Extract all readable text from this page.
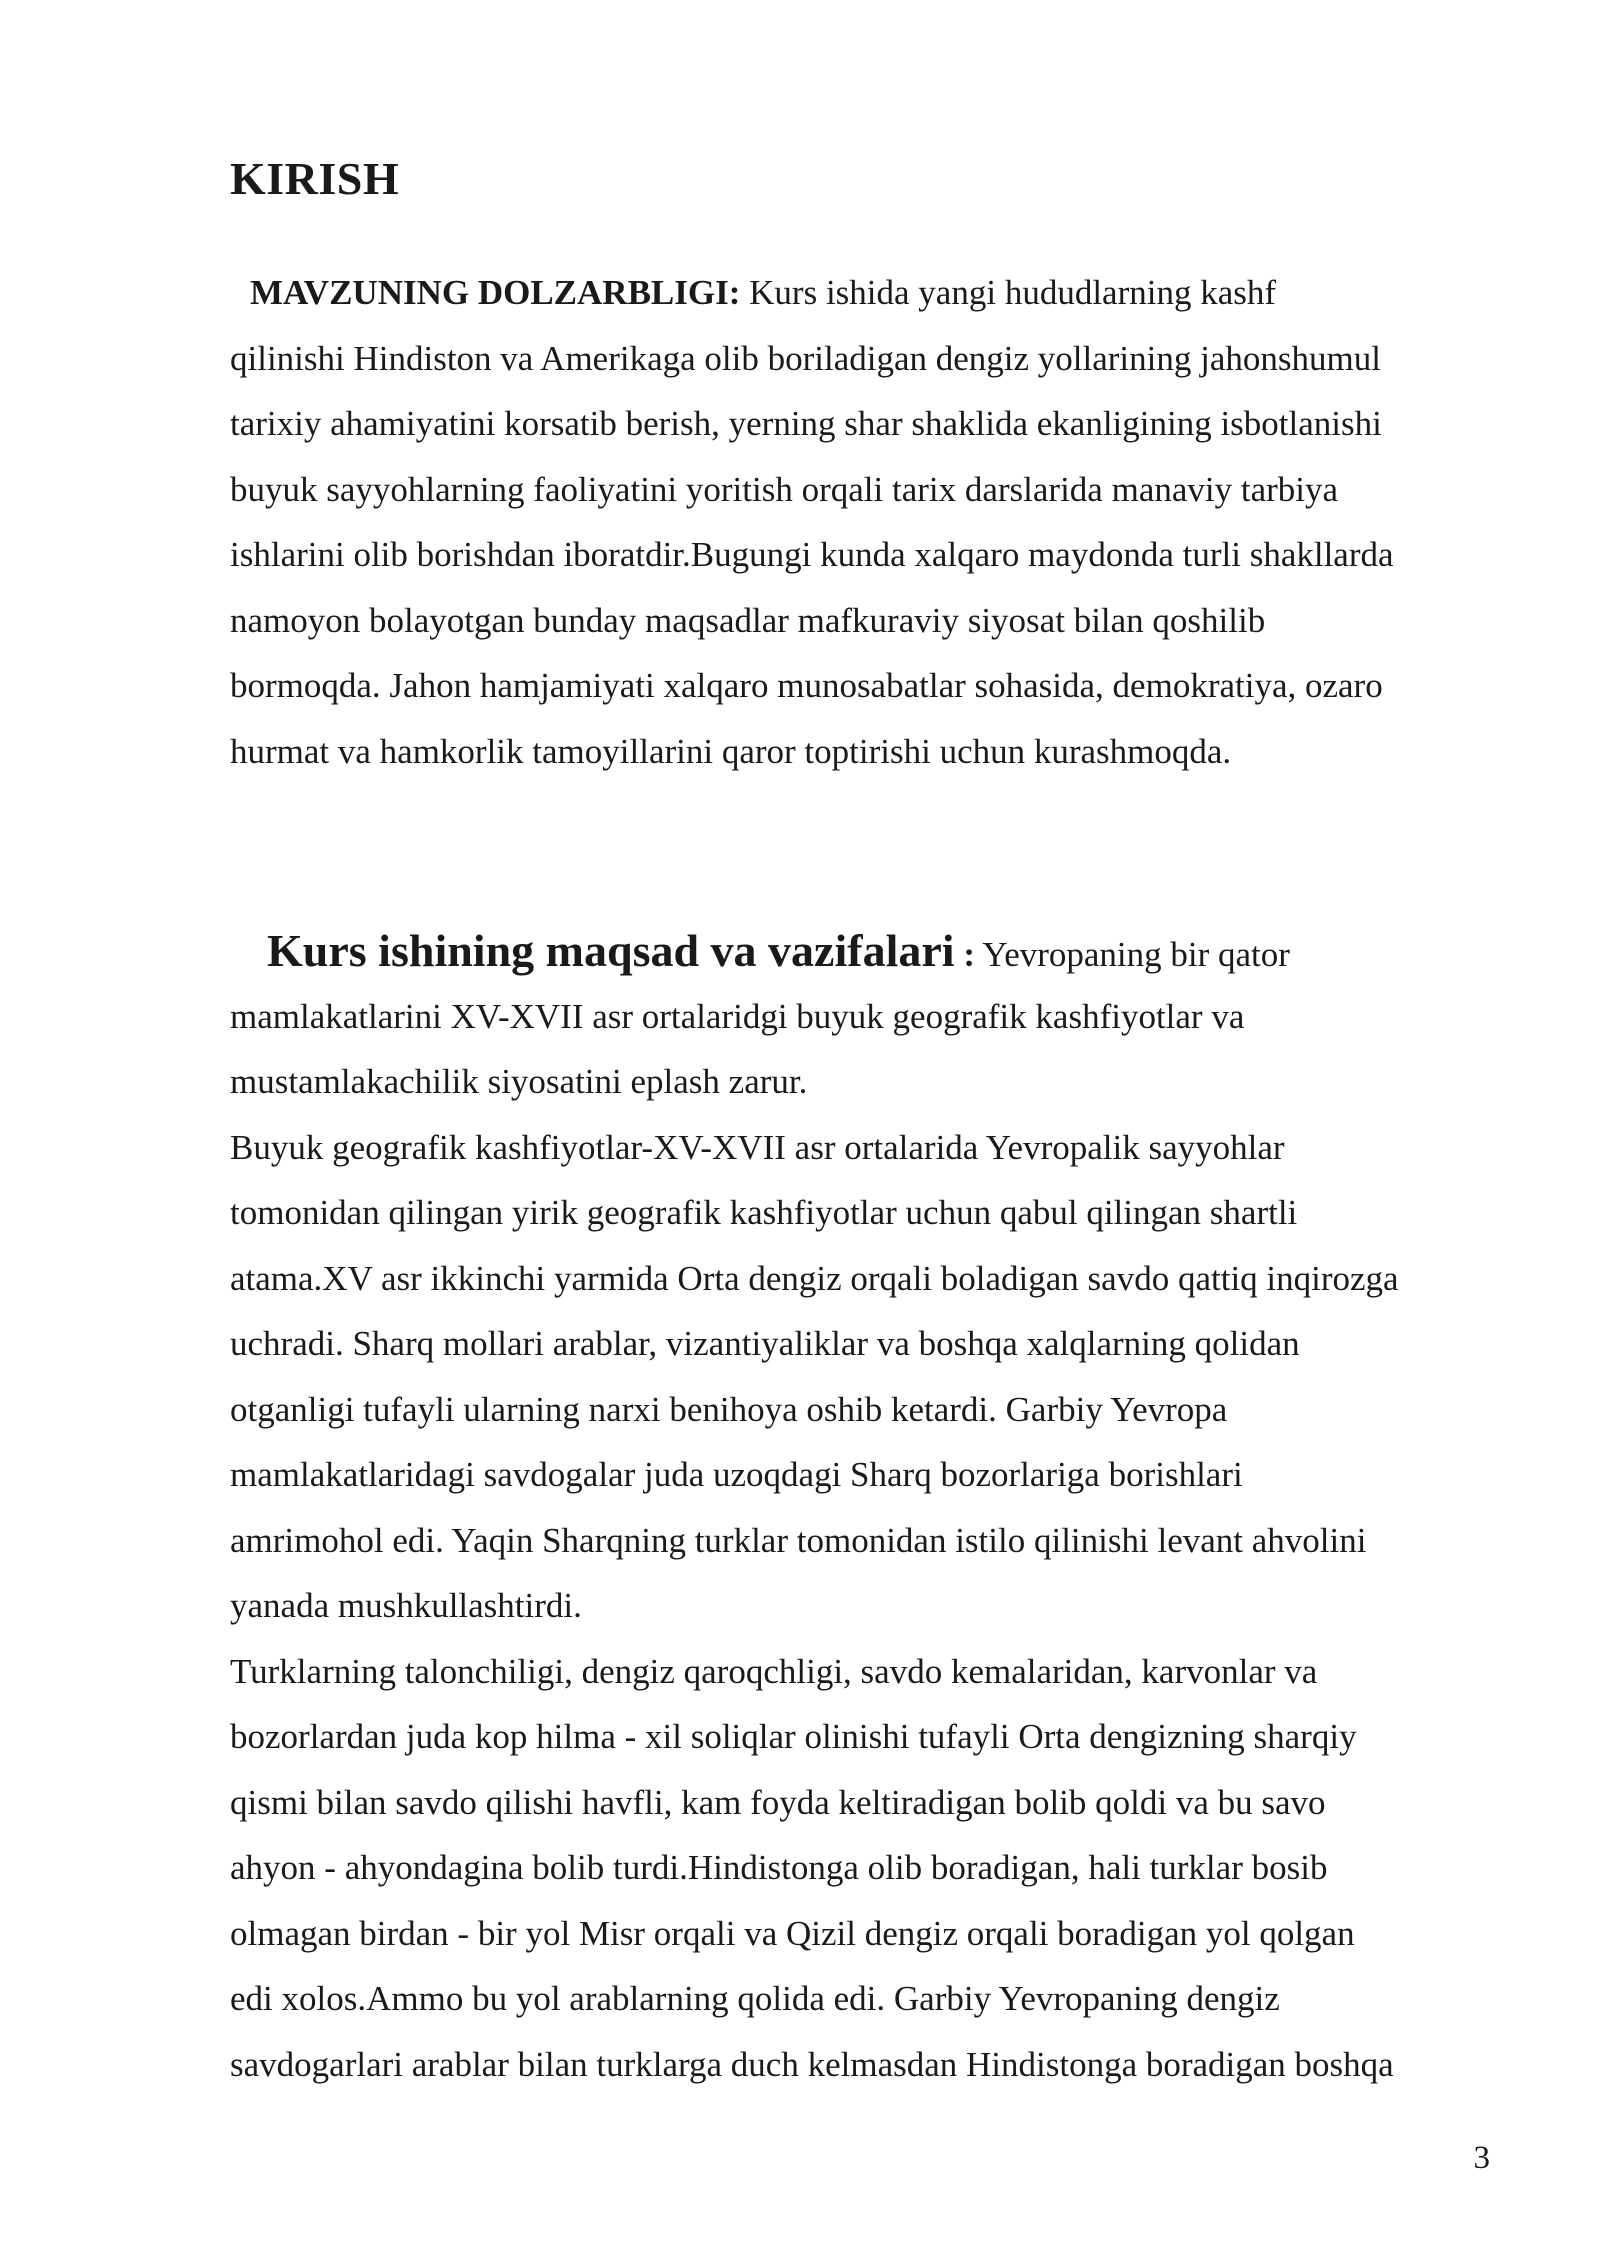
KIRISH
MAVZUNING DOLZARBLIGI: Kurs ishida yangi hududlarning kashf
qilinishi Hindiston va Amerikaga olib boriladigan dengiz yollarining jahonshumul
tarixiy ahamiyatini korsatib berish, yerning shar shaklida ekanligining isbotlanishi
buyuk sayyohlarning faoliyatini yoritish orqali tarix darslarida manaviy tarbiya
ishlarini olib borishdan iboratdir.Bugungi kunda xalqaro maydonda turli shakllarda
namoyon bolayotgan bunday maqsadlar mafkuraviy siyosat bilan qoshilib
bormoqda. Jahon hamjamiyati xalqaro munosabatlar sohasida, demokratiya, ozaro
hurmat va hamkorlik tamoyillarini qaror toptirishi uchun kurashmoqda.
Kurs ishining maqsad va vazifalari : Yevropaning bir qator
mamlakatlarini XV-XVII asr ortalaridgi buyuk geografik kashfiyotlar va
mustamlakachilik siyosatini eplash zarur.
Buyuk geografik kashfiyotlar-XV-XVII asr ortalarida Yevropalik sayyohlar
tomonidan qilingan yirik geografik kashfiyotlar uchun qabul qilingan shartli
atama.XV asr ikkinchi yarmida Orta dengiz orqali boladigan savdo qattiq inqirozga
uchradi. Sharq mollari arablar, vizantiyaliklar va boshqa xalqlarning qolidan
otganligi tufayli ularning narxi benihoya oshib ketardi. Garbiy Yevropa
mamlakatlaridagi savdogalar juda uzoqdagi Sharq bozorlariga borishlari
amrimohol edi. Yaqin Sharqning turklar tomonidan istilo qilinishi levant ahvolini
yanada mushkullashtirdi.
Turklarning talonchiligi, dengiz qaroqchligi, savdo kemalaridan, karvonlar va
bozorlardan juda kop hilma - xil soliqlar olinishi tufayli Orta dengizning sharqiy
qismi bilan savdo qilishi havfli, kam foyda keltiradigan bolib qoldi va bu savo
ahyon - ahyondagina bolib turdi.Hindistonga olib boradigan, hali turklar bosib
olmagan birdan - bir yol Misr orqali va Qizil dengiz orqali boradigan yol qolgan
edi xolos.Ammo bu yol arablarning qolida edi. Garbiy Yevropaning dengiz
savdogarlari arablar bilan turklarga duch kelmasdan Hindistonga boradigan boshqa
3
